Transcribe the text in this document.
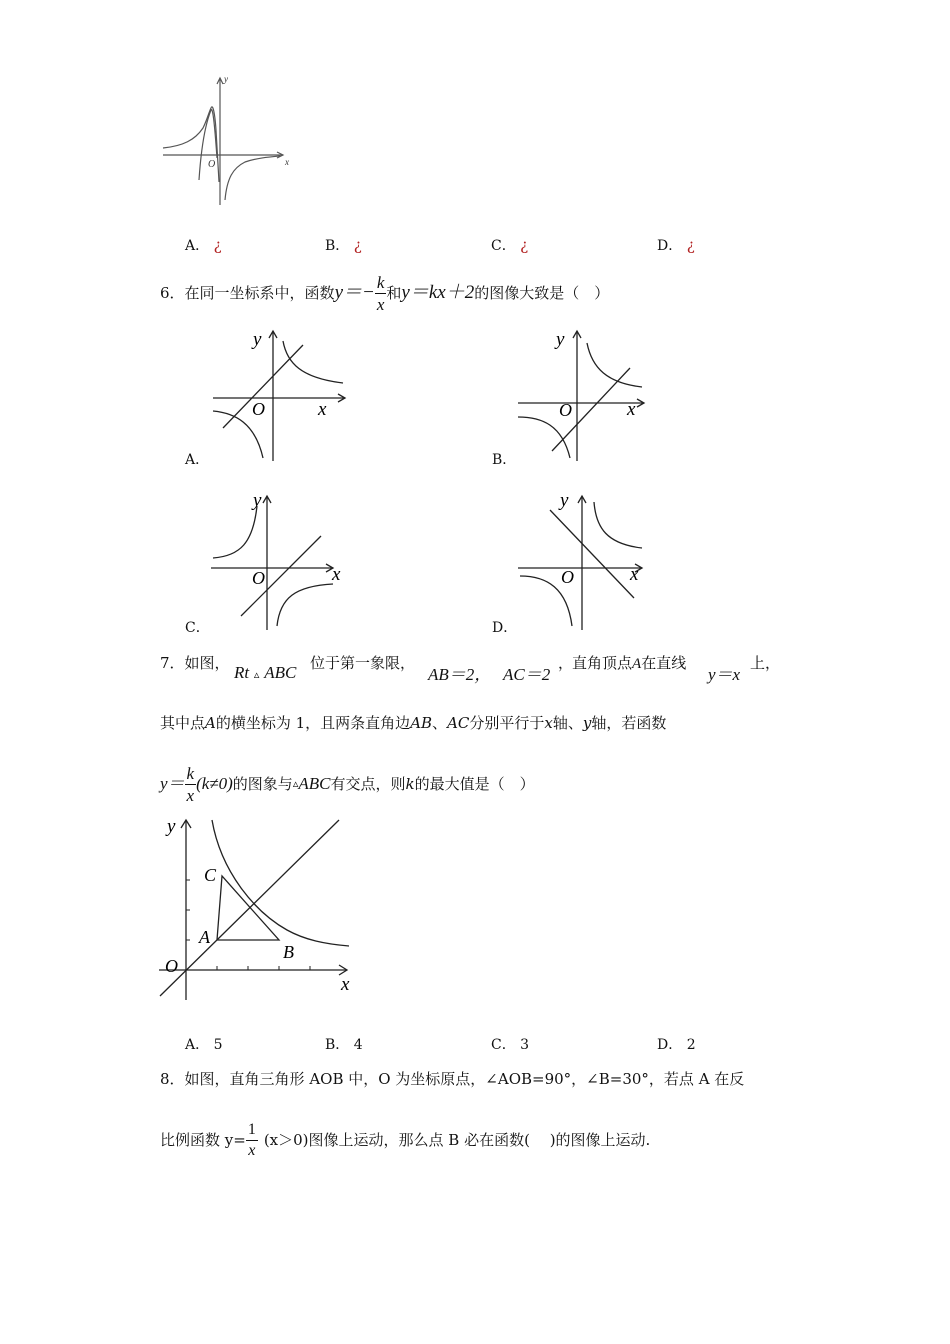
O	x
y
A． ¿	B． ¿	C． ¿	D． ¿
6． 在同一坐标系中，函数 $y=- \frac{k}{x}$ 和 y＝kx＋2 的图像大致是（　）
y
O	x
A．
y
O	x
B．
y
O	x
C．
y
O	x
D．
7．如图， Rt ▵ ABC 位于第一象限，
AB＝2， AC＝2
，
直角顶点A在直线
y＝x
上，
其中点A的横坐标为 1，且两条直角边AB、AC分别平行于x轴、y轴，若函数
$y= \frac{k}{x} (k\ne 0)$ 的图象与 ▵ ABC 有交点，则 k 的最大值是（　）
y
x
O
C
A
B
A． 5	B． 4	C． 3	D． 2
8．如图，直角三角形 AOB 中，O 为坐标原点，∠AOB=90°，∠B=30°，若点 A 在反
比例函数 $y= \frac{1}{x} (x>0)$图像上运动，那么点 B 必在函数(　 )的图像上运动.
